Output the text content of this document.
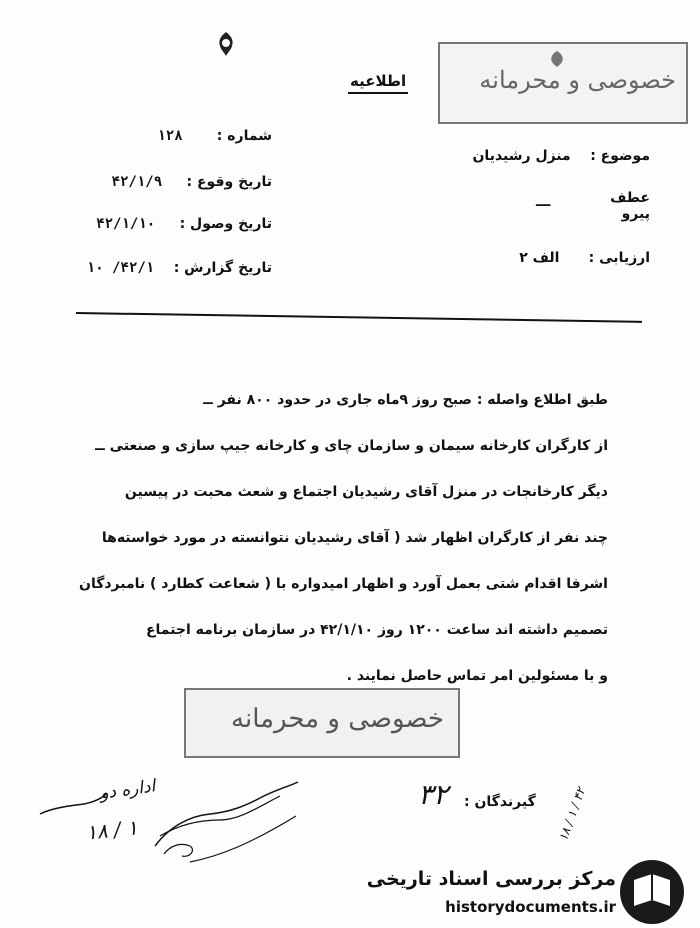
خصوصی و محرمانه
اطلاعیه
شماره :       ۱۲۸
تاریخ وقوع :     ۴۲/۱/۹
تاریخ وصول :     ۴۲/۱/۱۰
تاریخ گزارش :    ۴۲/۱/ ۱۰
موضوع :    منزل رشیدیان
عطف
پیرو
ـــ
ارزیابی :      الف ۲
طبق اطلاع واصله : صبح روز ۹ماه جاری در حدود ۸۰۰ نفر ــ
از کارگران کارخانه سیمان و سازمان چای و کارخانه جیپ سازی و صنعتی ــ
دیگر کارخانجات در منزل آقای رشیدیان اجتماع و شعث محبت در پیسین
چند نفر از کارگران اظهار شد ( آقای رشیدیان نتوانسته در مورد خواسته‌ها
اشرفا اقدام شتی بعمل آورد و اظهار امیدواره با ( شعاعت کطارد ) نامبردگان
تصمیم داشته اند ساعت ۱۲۰۰ روز ۴۲/۱/۱۰ در سازمان برنامه اجتماع
و با مسئولین امر تماس حاصل نمایند .
خصوصی و محرمانه
گیرندگان :
اداره دو
۱۸ / ۱
۳۲	۱۸ / ۱ / ۴۲
مرکز بررسی اسناد تاریخی
historydocuments.ir
